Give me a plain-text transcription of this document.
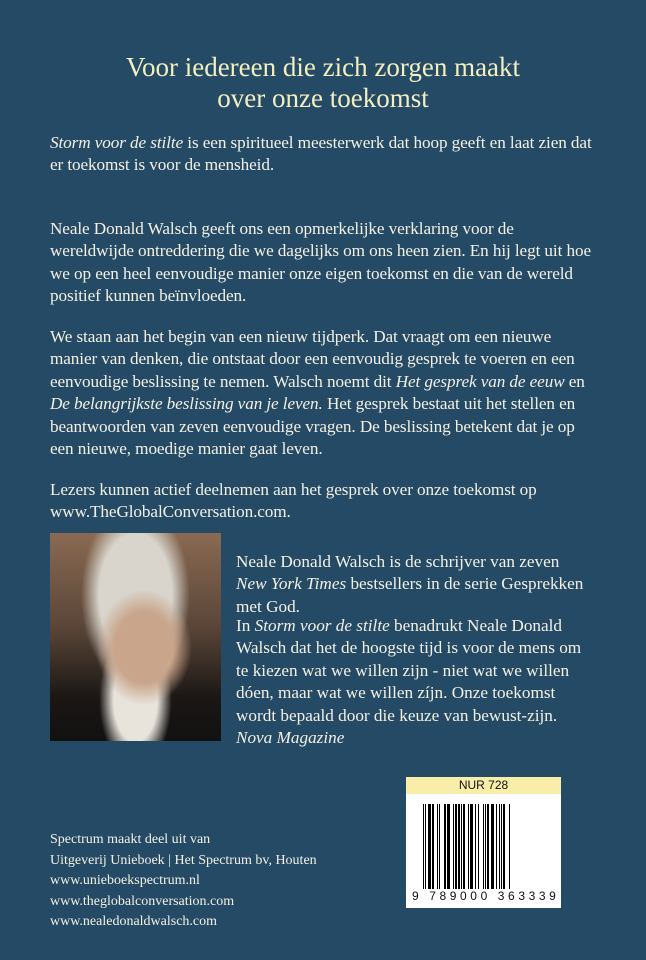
Voor iedereen die zich zorgen maakt
over onze toekomst

Storm voor de stilte is een spiritueel meesterwerk dat hoop geeft en laat zien dat er toekomst is voor de mensheid.

Neale Donald Walsch geeft ons een opmerkelijke verklaring voor de wereldwijde ontreddering die we dagelijks om ons heen zien. En hij legt uit hoe we op een heel eenvoudige manier onze eigen toekomst en die van de wereld positief kunnen beïnvloeden.

We staan aan het begin van een nieuw tijdperk. Dat vraagt om een nieuwe manier van denken, die ontstaat door een eenvoudig gesprek te voeren en een eenvoudige beslissing te nemen. Walsch noemt dit Het gesprek van de eeuw en De belangrijkste beslissing van je leven. Het gesprek bestaat uit het stellen en beantwoorden van zeven eenvoudige vragen. De beslissing betekent dat je op een nieuwe, moedige manier gaat leven.

Lezers kunnen actief deelnemen aan het gesprek over onze toekomst op www.TheGlobalConversation.com.

Neale Donald Walsch is de schrijver van zeven New York Times bestsellers in de serie Gesprekken met God.

In Storm voor de stilte benadrukt Neale Donald Walsch dat het de hoogste tijd is voor de mens om te kiezen wat we willen zijn - niet wat we willen dóen, maar wat we willen zíjn. Onze toekomst wordt bepaald door die keuze van bewust-zijn. Nova Magazine

Spectrum maakt deel uit van
Uitgeverij Unieboek | Het Spectrum bv, Houten
www.unieboekspectrum.nl
www.theglobalconversation.com
www.nealedonaldwalsch.com
NUR 728
9 789000 363339
